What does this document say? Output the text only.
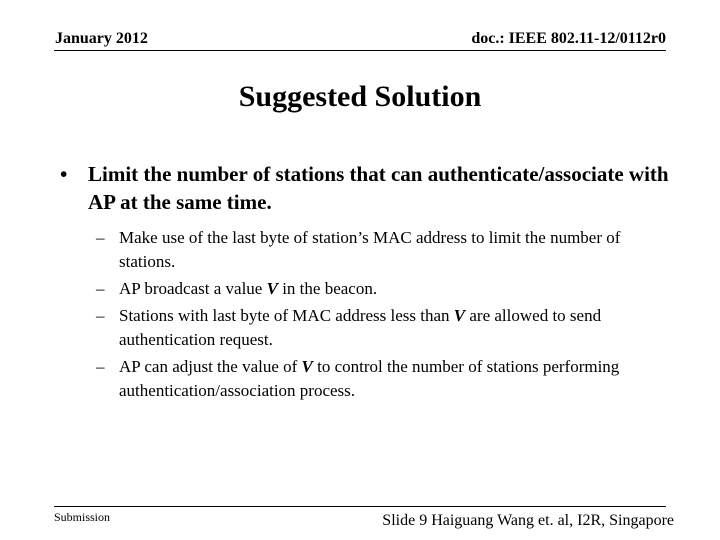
January 2012	doc.: IEEE 802.11-12/0112r0
Suggested Solution
• Limit the number of stations that can authenticate/associate with AP at the same time.
– Make use of the last byte of station’s MAC address to limit the number of stations.
– AP broadcast a value V in the beacon.
– Stations with last byte of MAC address less than V are allowed to send authentication request.
– AP can adjust the value of V to control the number of stations performing authentication/association process.
Submission	Slide 9 Haiguang Wang et. al, I2R, Singapore
